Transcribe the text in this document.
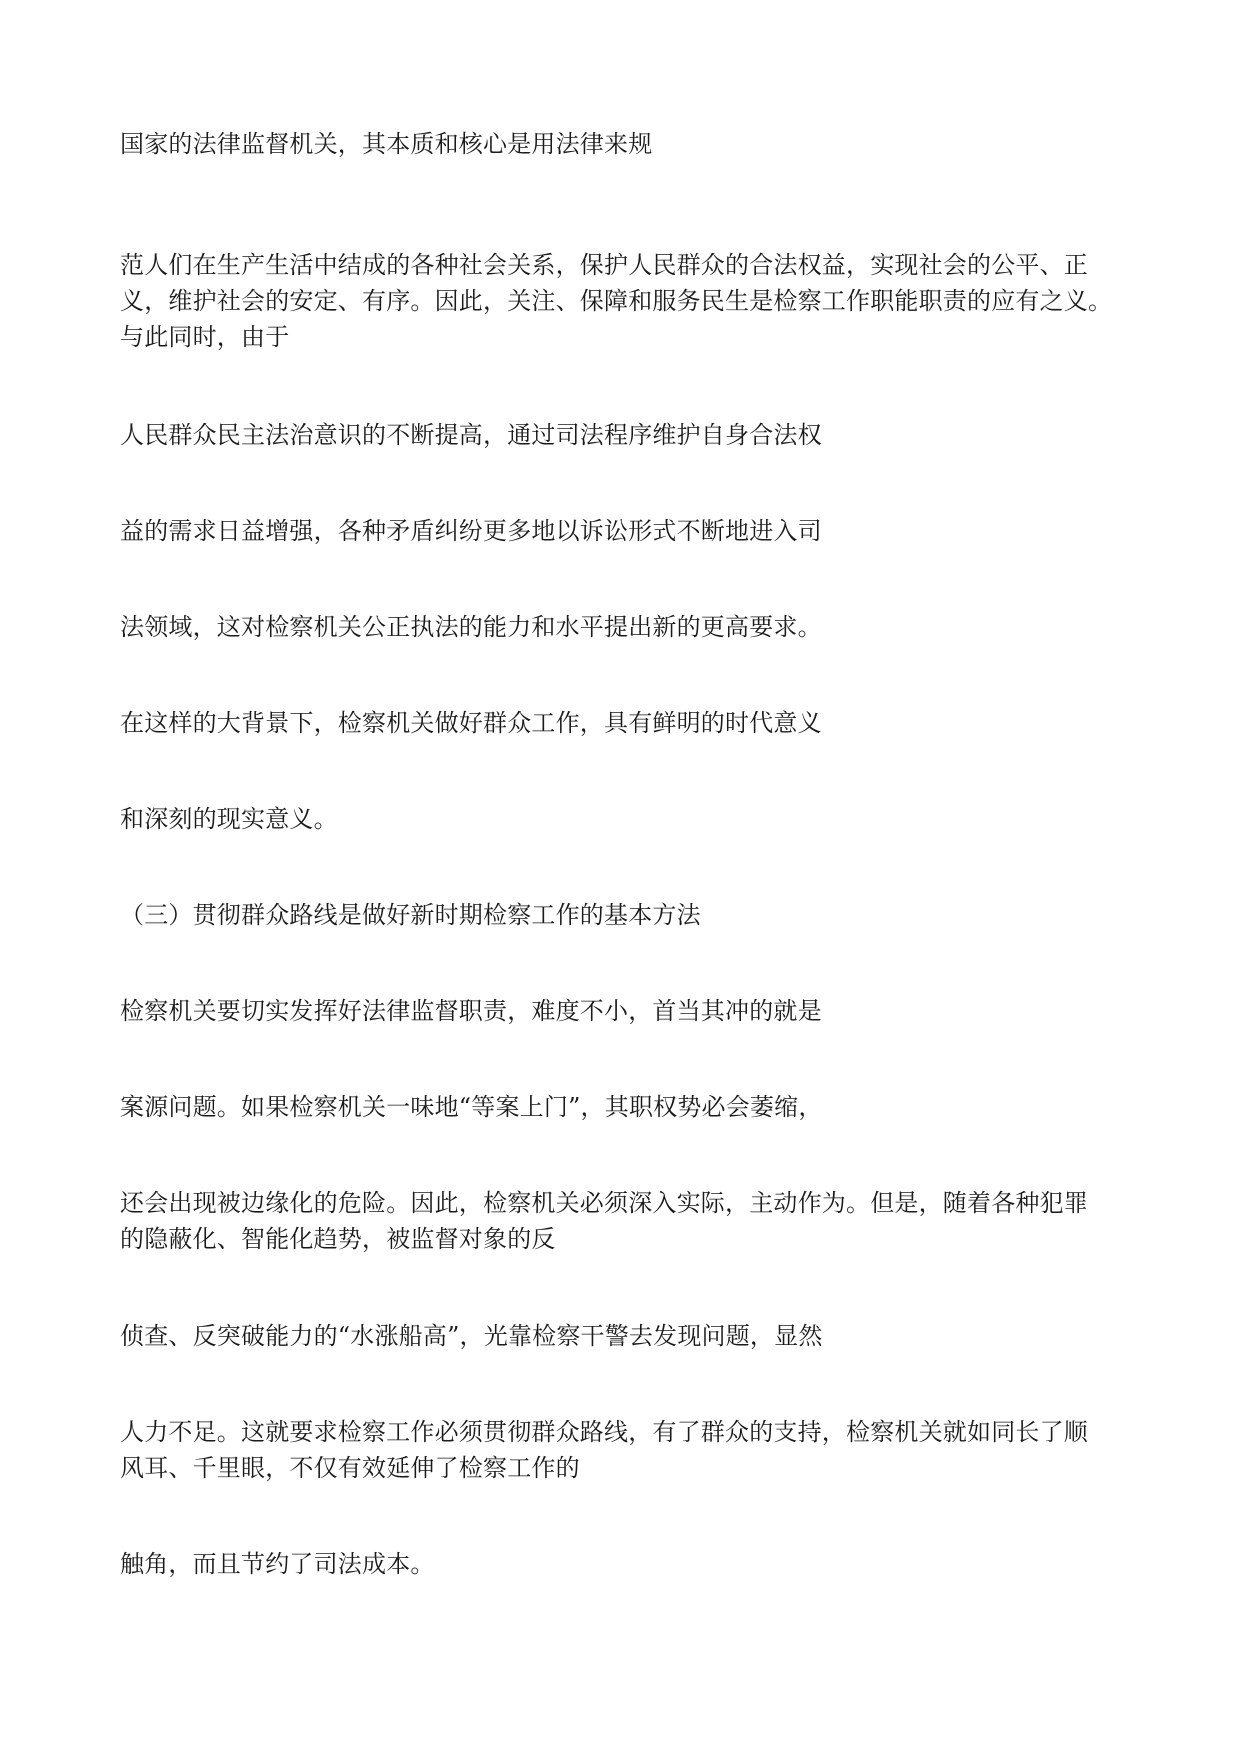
国家的法律监督机关，其本质和核心是用法律来规

范人们在生产生活中结成的各种社会关系，保护人民群众的合法权益，实现社会的公平、正
义，维护社会的安定、有序。因此，关注、保障和服务民生是检察工作职能职责的应有之义。
与此同时，由于

人民群众民主法治意识的不断提高，通过司法程序维护自身合法权

益的需求日益增强，各种矛盾纠纷更多地以诉讼形式不断地进入司

法领域，这对检察机关公正执法的能力和水平提出新的更高要求。

在这样的大背景下，检察机关做好群众工作，具有鲜明的时代意义

和深刻的现实意义。

（三）贯彻群众路线是做好新时期检察工作的基本方法

检察机关要切实发挥好法律监督职责，难度不小，首当其冲的就是

案源问题。如果检察机关一味地“等案上门”，其职权势必会萎缩，

还会出现被边缘化的危险。因此，检察机关必须深入实际，主动作为。但是，随着各种犯罪
的隐蔽化、智能化趋势，被监督对象的反

侦查、反突破能力的“水涨船高”，光靠检察干警去发现问题，显然

人力不足。这就要求检察工作必须贯彻群众路线，有了群众的支持，检察机关就如同长了顺
风耳、千里眼，不仅有效延伸了检察工作的

触角，而且节约了司法成本。
